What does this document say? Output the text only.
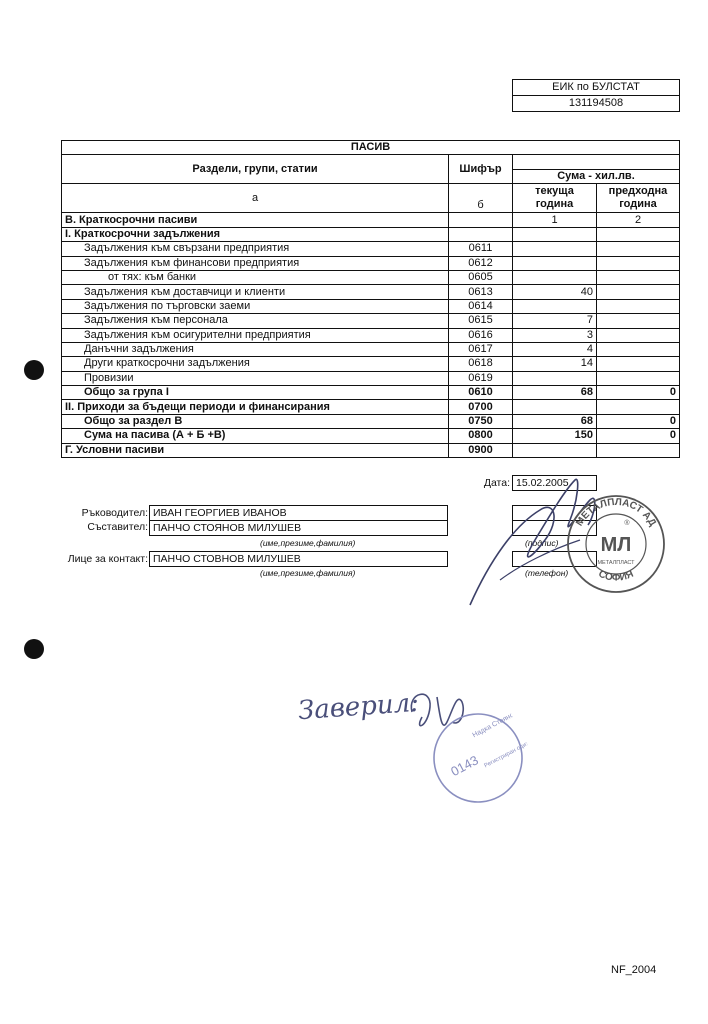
ЕИК по БУЛСТАТ
131194508
ПАСИВ			
Раздели, групи, статии	Шифър		
		Сума - хил.лв.	
а	б	текуща година	предходна година
В. Краткосрочни пасиви		1	2
I. Краткосрочни задължения			
Задължения към свързани предприятия	0611		
Задължения към финансови предприятия	0612		
от тях: към банки	0605		
Задължения към доставчици и клиенти	0613	40	
Задължения по търговски заеми	0614		
Задължения към персонала	0615	7	
Задължения към осигурителни предприятия	0616	3	
Данъчни задължения	0617	4	
Други краткосрочни задължения	0618	14	
Провизии	0619		
Общо за група I	0610	68	0
II. Приходи за бъдещи периоди и финансирания	0700		
Общо за раздел В	0750	68	0
Сума на пасива (А + Б +В)	0800	150	0
Г. Условни пасиви	0900		
Дата: 15.02.2005
Ръководител: ИВАН ГЕОРГИЕВ ИВАНОВ
Съставител: ПАНЧО СТОЯНОВ МИЛУШЕВ
(име,презиме,фамилия)	(подпис)
Лице за контакт: ПАНЧО СТОВНОВ МИЛУШЕВ
(име,презиме,фамилия)	(телефон)
МЕТАЛПЛАСТ АД
СОФИЯ
МЛ
МЕТАЛПЛАСТ
®
Заверил:
0143
Надка Стоянова
Регистриран одитор
NF_2004
